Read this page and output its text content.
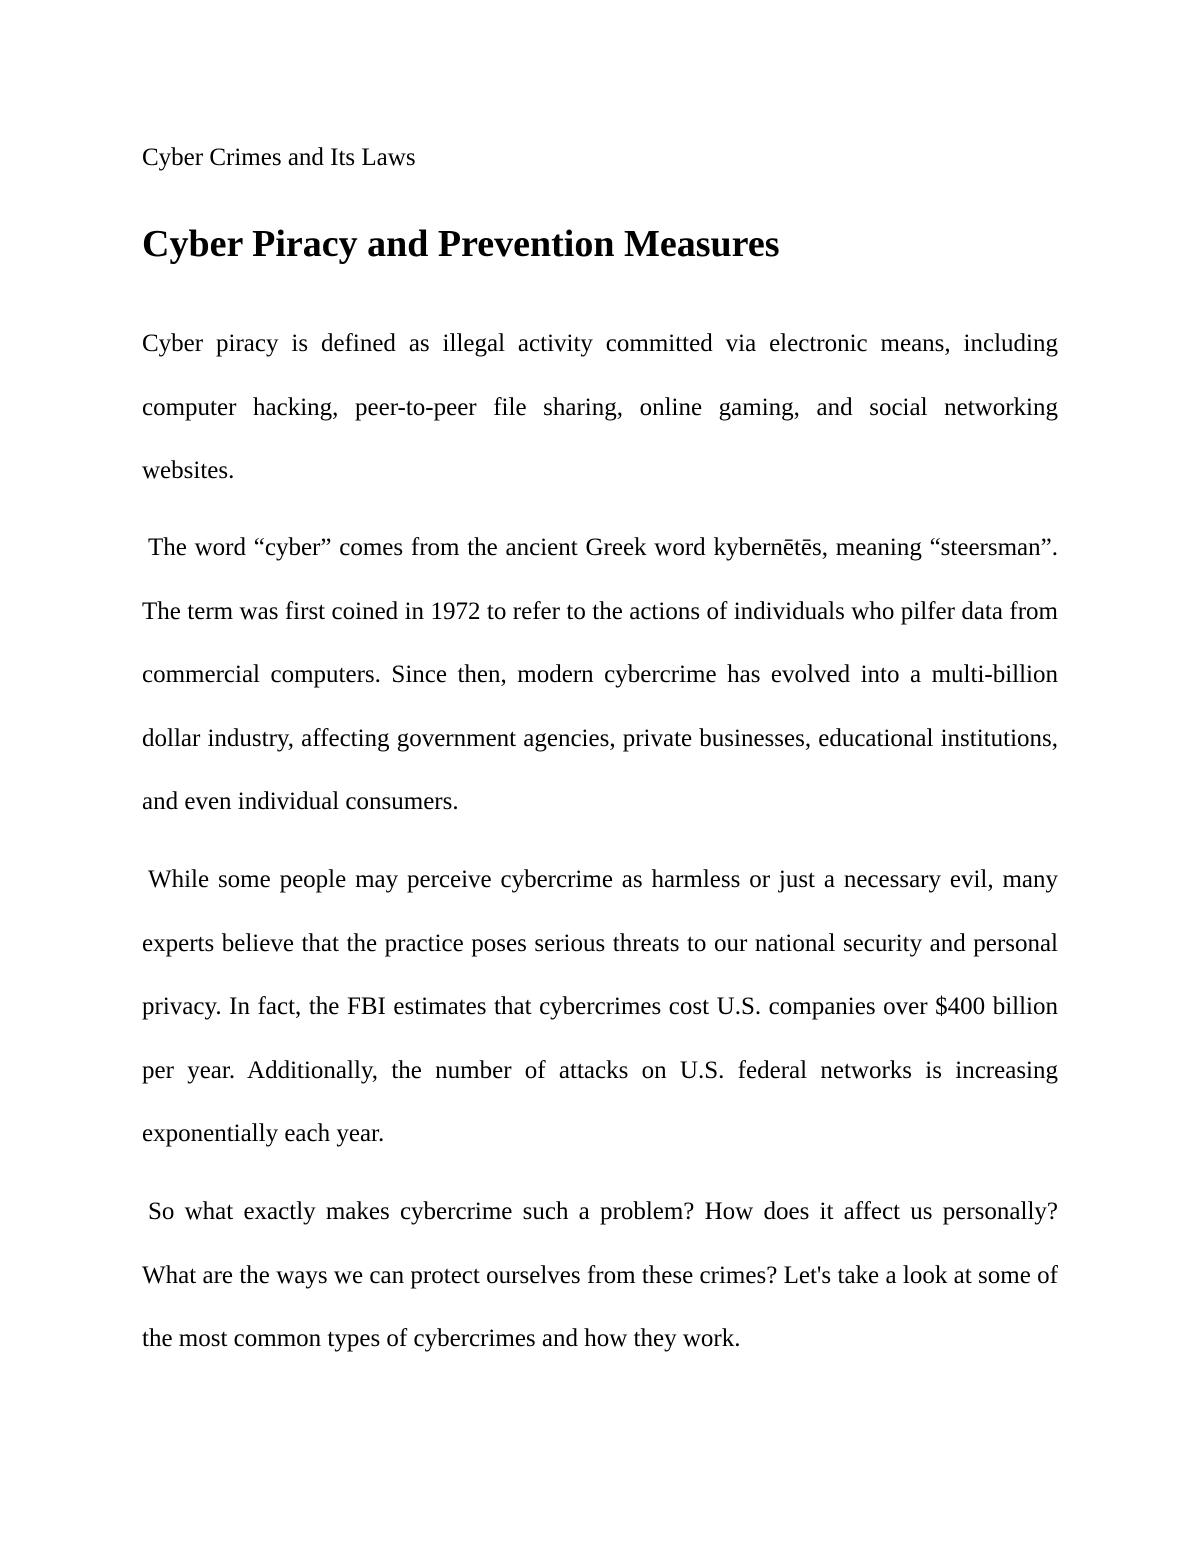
Cyber Crimes and Its Laws
Cyber Piracy and Prevention Measures

Cyber piracy is defined as illegal activity committed via electronic means, including computer hacking, peer-to-peer file sharing, online gaming, and social networking websites.

The word “cyber” comes from the ancient Greek word kybernētēs, meaning “steersman”. The term was first coined in 1972 to refer to the actions of individuals who pilfer data from commercial computers. Since then, modern cybercrime has evolved into a multi-billion dollar industry, affecting government agencies, private businesses, educational institutions, and even individual consumers.

While some people may perceive cybercrime as harmless or just a necessary evil, many experts believe that the practice poses serious threats to our national security and personal privacy. In fact, the FBI estimates that cybercrimes cost U.S. companies over $400 billion per year. Additionally, the number of attacks on U.S. federal networks is increasing exponentially each year.

So what exactly makes cybercrime such a problem? How does it affect us personally? What are the ways we can protect ourselves from these crimes? Let's take a look at some of the most common types of cybercrimes and how they work.
